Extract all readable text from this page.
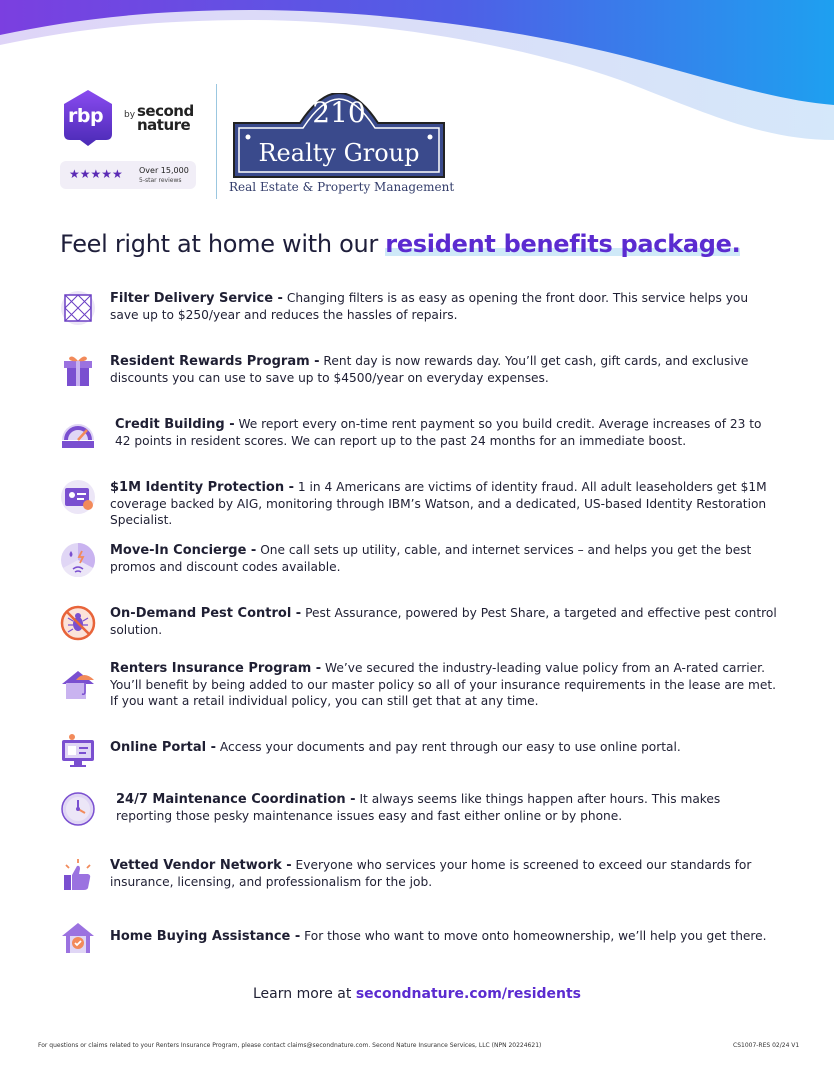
rbp by second nature
★★★★★ Over 15,000
5-star reviews
210
Realty Group
Real Estate & Property Management
Feel right at home with our resident benefits package.
Filter Delivery Service - Changing filters is as easy as opening the front door. This service helps you save up to $250/year and reduces the hassles of repairs.
Resident Rewards Program - Rent day is now rewards day. You’ll get cash, gift cards, and exclusive discounts you can use to save up to $4500/year on everyday expenses.
Credit Building - We report every on-time rent payment so you build credit. Average increases of 23 to 42 points in resident scores. We can report up to the past 24 months for an immediate boost.
$1M Identity Protection - 1 in 4 Americans are victims of identity fraud. All adult leaseholders get $1M coverage backed by AIG, monitoring through IBM’s Watson, and a dedicated, US-based Identity Restoration Specialist.
Move-In Concierge - One call sets up utility, cable, and internet services – and helps you get the best promos and discount codes available.
On-Demand Pest Control - Pest Assurance, powered by Pest Share, a targeted and effective pest control solution.
Renters Insurance Program - We’ve secured the industry-leading value policy from an A-rated carrier. You’ll benefit by being added to our master policy so all of your insurance requirements in the lease are met. If you want a retail individual policy, you can still get that at any time.
Online Portal - Access your documents and pay rent through our easy to use online portal.
24/7 Maintenance Coordination - It always seems like things happen after hours. This makes reporting those pesky maintenance issues easy and fast either online or by phone.
Vetted Vendor Network - Everyone who services your home is screened to exceed our standards for insurance, licensing, and professionalism for the job.
Home Buying Assistance - For those who want to move onto homeownership, we’ll help you get there.
Learn more at secondnature.com/residents
For questions or claims related to your Renters Insurance Program, please contact claims@secondnature.com. Second Nature Insurance Services, LLC (NPN 20224621)	CS1007-RES 02/24 V1
